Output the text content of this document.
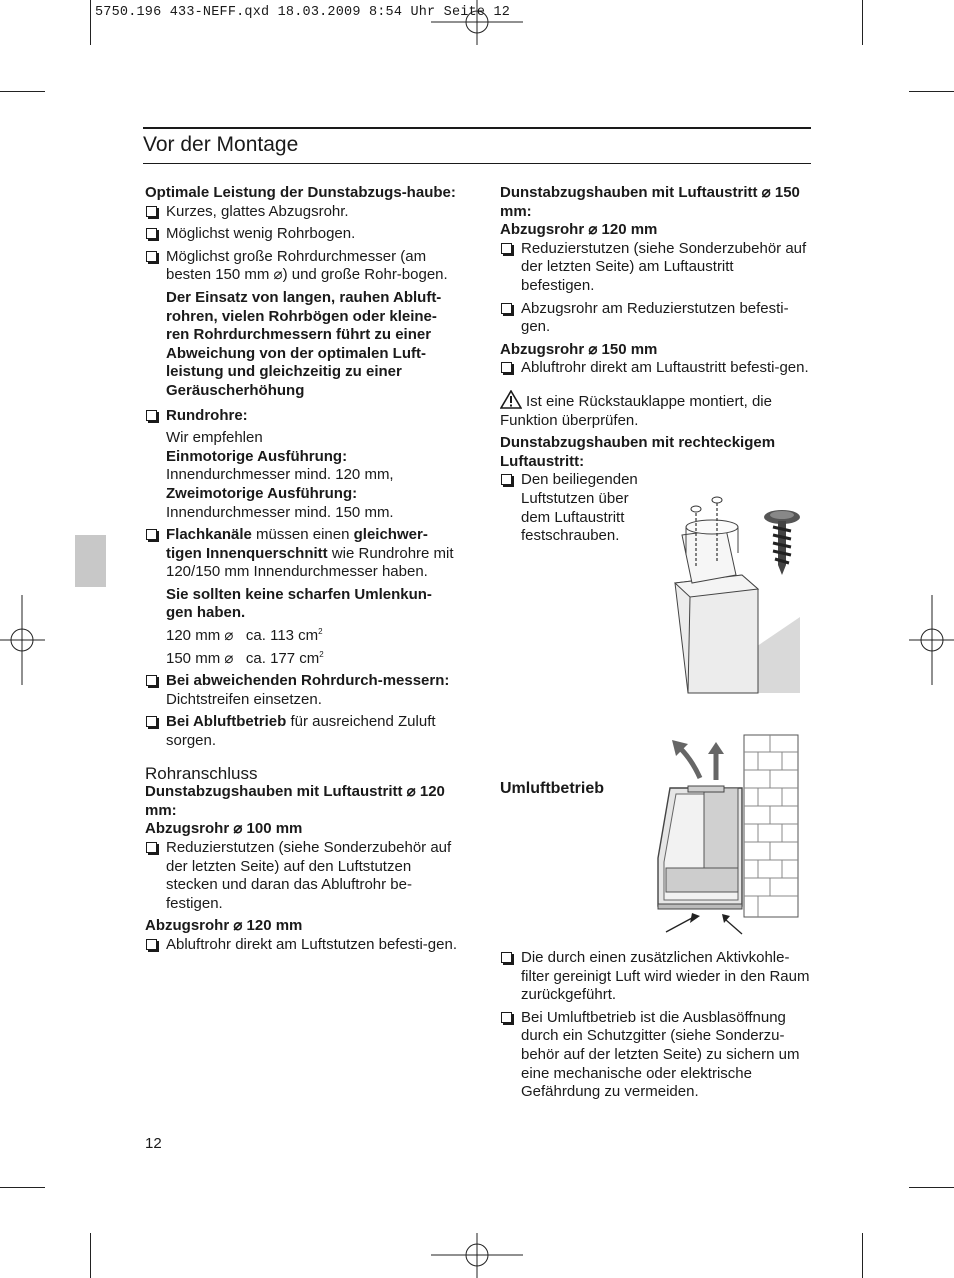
5750.196 433-NEFF.qxd 18.03.2009 8:54 Uhr Seite 12
Vor der Montage

Optimale Leistung der Dunstabzugs-haube:

Kurzes, glattes Abzugsrohr.
Möglichst wenig Rohrbogen.
Möglichst große Rohrdurchmesser (am besten 150 mm ⌀) und große Rohr-bogen.

Der Einsatz von langen, rauhen Abluft-rohren, vielen Rohrbögen oder kleine-ren Rohrdurchmessern führt zu einer Abweichung von der optimalen Luft-leistung und gleichzeitig zu einer Geräuscherhöhung

Rundrohre:
Wir empfehlen
Einmotorige Ausführung:
Innendurchmesser mind. 120 mm,
Zweimotorige Ausführung:
Innendurchmesser mind. 150 mm.
Flachkanäle müssen einen gleichwer-tigen Innenquerschnitt wie Rundrohre mit 120/150 mm Innendurchmesser haben.
Sie sollten keine scharfen Umlenkun-gen haben.
120 mm ⌀ ca. 113 $cm^2$
150 mm ⌀ ca. 177 $cm^2$
Bei abweichenden Rohrdurch-messern: Dichtstreifen einsetzen.
Bei Abluftbetrieb für ausreichend Zuluft sorgen.

Rohranschluss

Dunstabzugshauben mit Luftaustritt ⌀ 120 mm:

Abzugsrohr ⌀ 100 mm

Reduzierstutzen (siehe Sonderzubehör auf der letzten Seite) auf den Luftstutzen stecken und daran das Abluftrohr be-festigen.

Abzugsrohr ⌀ 120 mm

Abluftrohr direkt am Luftstutzen befesti-gen.

Dunstabzugshauben mit Luftaustritt ⌀ 150 mm:

Abzugsrohr ⌀ 120 mm

Reduzierstutzen (siehe Sonderzubehör auf der letzten Seite) am Luftaustritt befestigen.
Abzugsrohr am Reduzierstutzen befesti-gen.

Abzugsrohr ⌀ 150 mm

Abluftrohr direkt am Luftaustritt befesti-gen.

Ist eine Rückstauklappe montiert, die Funktion überprüfen.

Dunstabzugshauben mit rechteckigem Luftaustritt:

Den beiliegenden Luftstutzen über dem Luftaustritt festschrauben.

Umluftbetrieb

Die durch einen zusätzlichen Aktivkohle-filter gereinigt Luft wird wieder in den Raum zurückgeführt.
Bei Umluftbetrieb ist die Ausblasöffnung durch ein Schutzgitter (siehe Sonderzu-behör auf der letzten Seite) zu sichern um eine mechanische oder elektrische Gefährdung zu vermeiden.
12
